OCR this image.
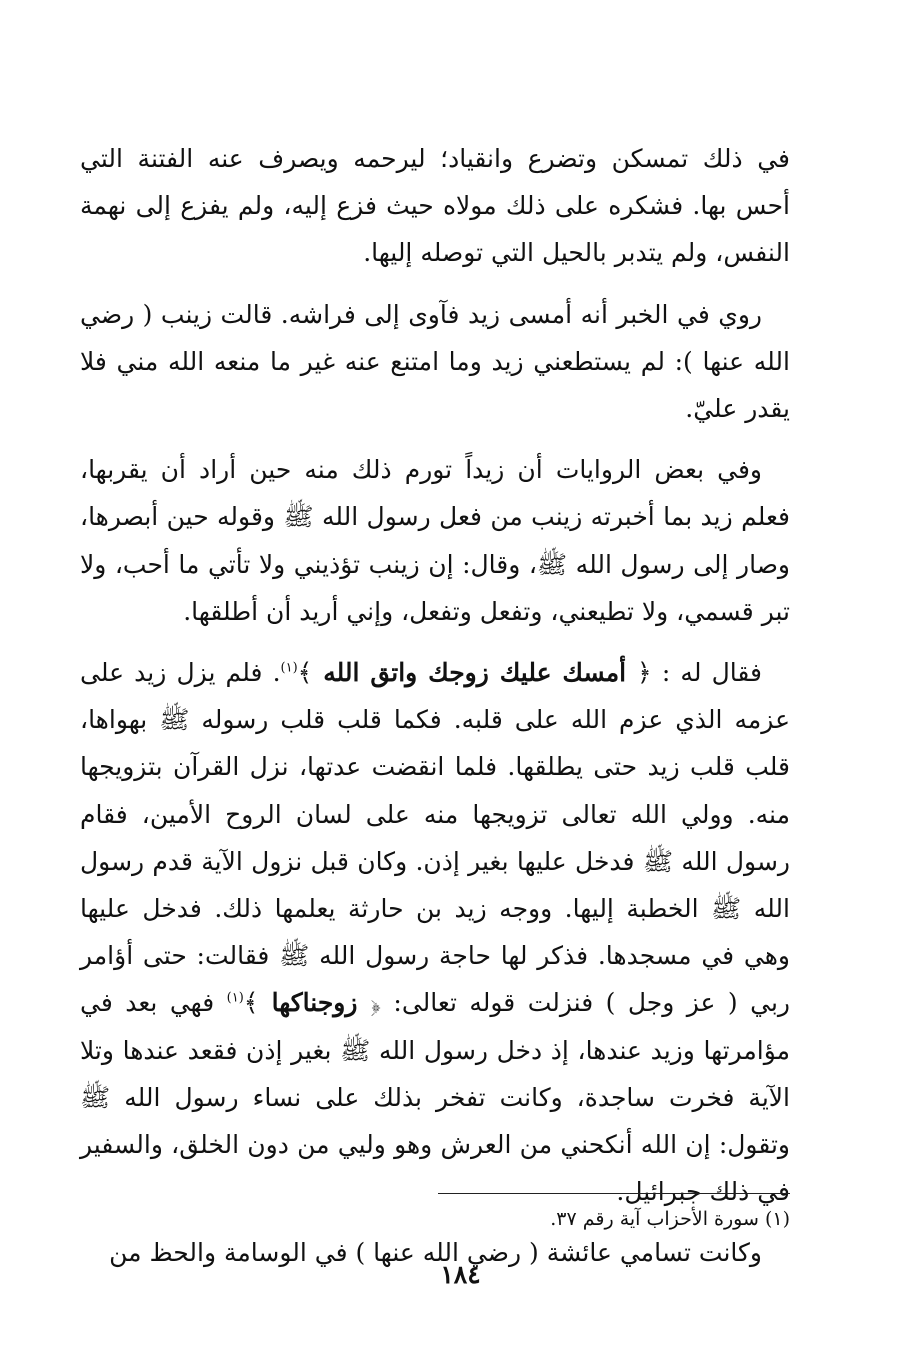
في ذلك تمسكن وتضرع وانقياد؛ ليرحمه ويصرف عنه الفتنة التي أحس بها. فشكره على ذلك مولاه حيث فزع إليه، ولم يفزع إلى نهمة النفس، ولم يتدبر بالحيل التي توصله إليها.

روي في الخبر أنه أمسى زيد فآوى إلى فراشه. قالت زينب ( رضي الله عنها ): لم يستطعني زيد وما امتنع عنه غير ما منعه الله مني فلا يقدر عليّ.

وفي بعض الروايات أن زيداً تورم ذلك منه حين أراد أن يقربها، فعلم زيد بما أخبرته زينب من فعل رسول الله ﷺ وقوله حين أبصرها، وصار إلى رسول الله ﷺ، وقال: إن زينب تؤذيني ولا تأتي ما أحب، ولا تبر قسمي، ولا تطيعني، وتفعل وتفعل، وإني أريد أن أطلقها.

فقال له : ﴿ أمسك عليك زوجك واتق الله ﴾$^{(١)}$. فلم يزل زيد على عزمه الذي عزم الله على قلبه. فكما قلب قلب رسوله ﷺ بهواها، قلب قلب زيد حتى يطلقها. فلما انقضت عدتها، نزل القرآن بتزويجها منه. وولي الله تعالى تزويجها منه على لسان الروح الأمين، فقام رسول الله ﷺ فدخل عليها بغير إذن. وكان قبل نزول الآية قدم رسول الله ﷺ الخطبة إليها. ووجه زيد بن حارثة يعلمها ذلك. فدخل عليها وهي في مسجدها. فذكر لها حاجة رسول الله ﷺ فقالت: حتى أؤامر ربي ( عز وجل ) فنزلت قوله تعالى: ﴿ زوجناكها ﴾$^{(١)}$ فهي بعد في مؤامرتها وزيد عندها، إذ دخل رسول الله ﷺ بغير إذن فقعد عندها وتلا الآية فخرت ساجدة، وكانت تفخر بذلك على نساء رسول الله ﷺ وتقول: إن الله أنكحني من العرش وهو وليي من دون الخلق، والسفير في ذلك جبرائيل.

وكانت تسامي عائشة ( رضي الله عنها ) في الوسامة والحظ من

(١) سورة الأحزاب آية رقم ٣٧.
١٨٤
